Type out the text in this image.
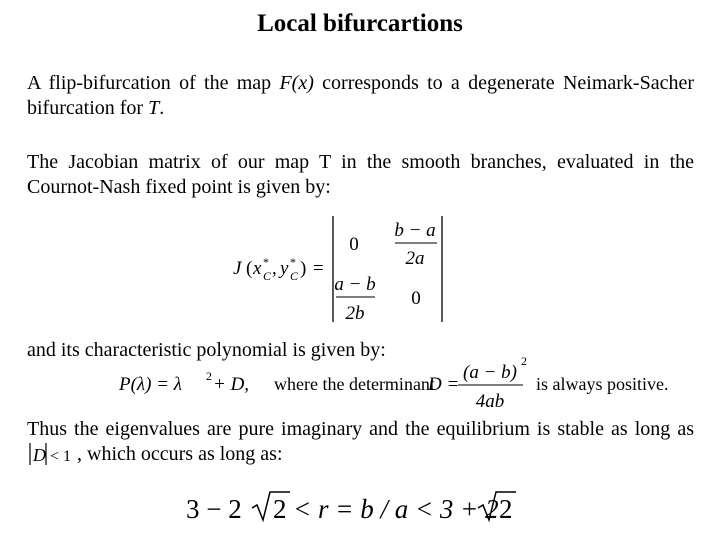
Local bifurcartions
A flip-bifurcation of the map F(x) corresponds to a degenerate Neimark-Sacher bifurcation for T.
The Jacobian matrix of our map T in the smooth branches, evaluated in the Cournot-Nash fixed point is given by:
J ( x *
C , y *
C ) =
0
b − a
2a
a − b
2b
0
and its characteristic polynomial is given by:
P(λ) = λ 2 + D, where the determinant
D =
(a − b)
2
4ab
is always positive.
Thus the eigenvalues are pure imaginary and the equilibrium is stable as long as
D < 1 , which occurs as long as:
3 − 2 2 < r = b / a < 3 + 2 2
